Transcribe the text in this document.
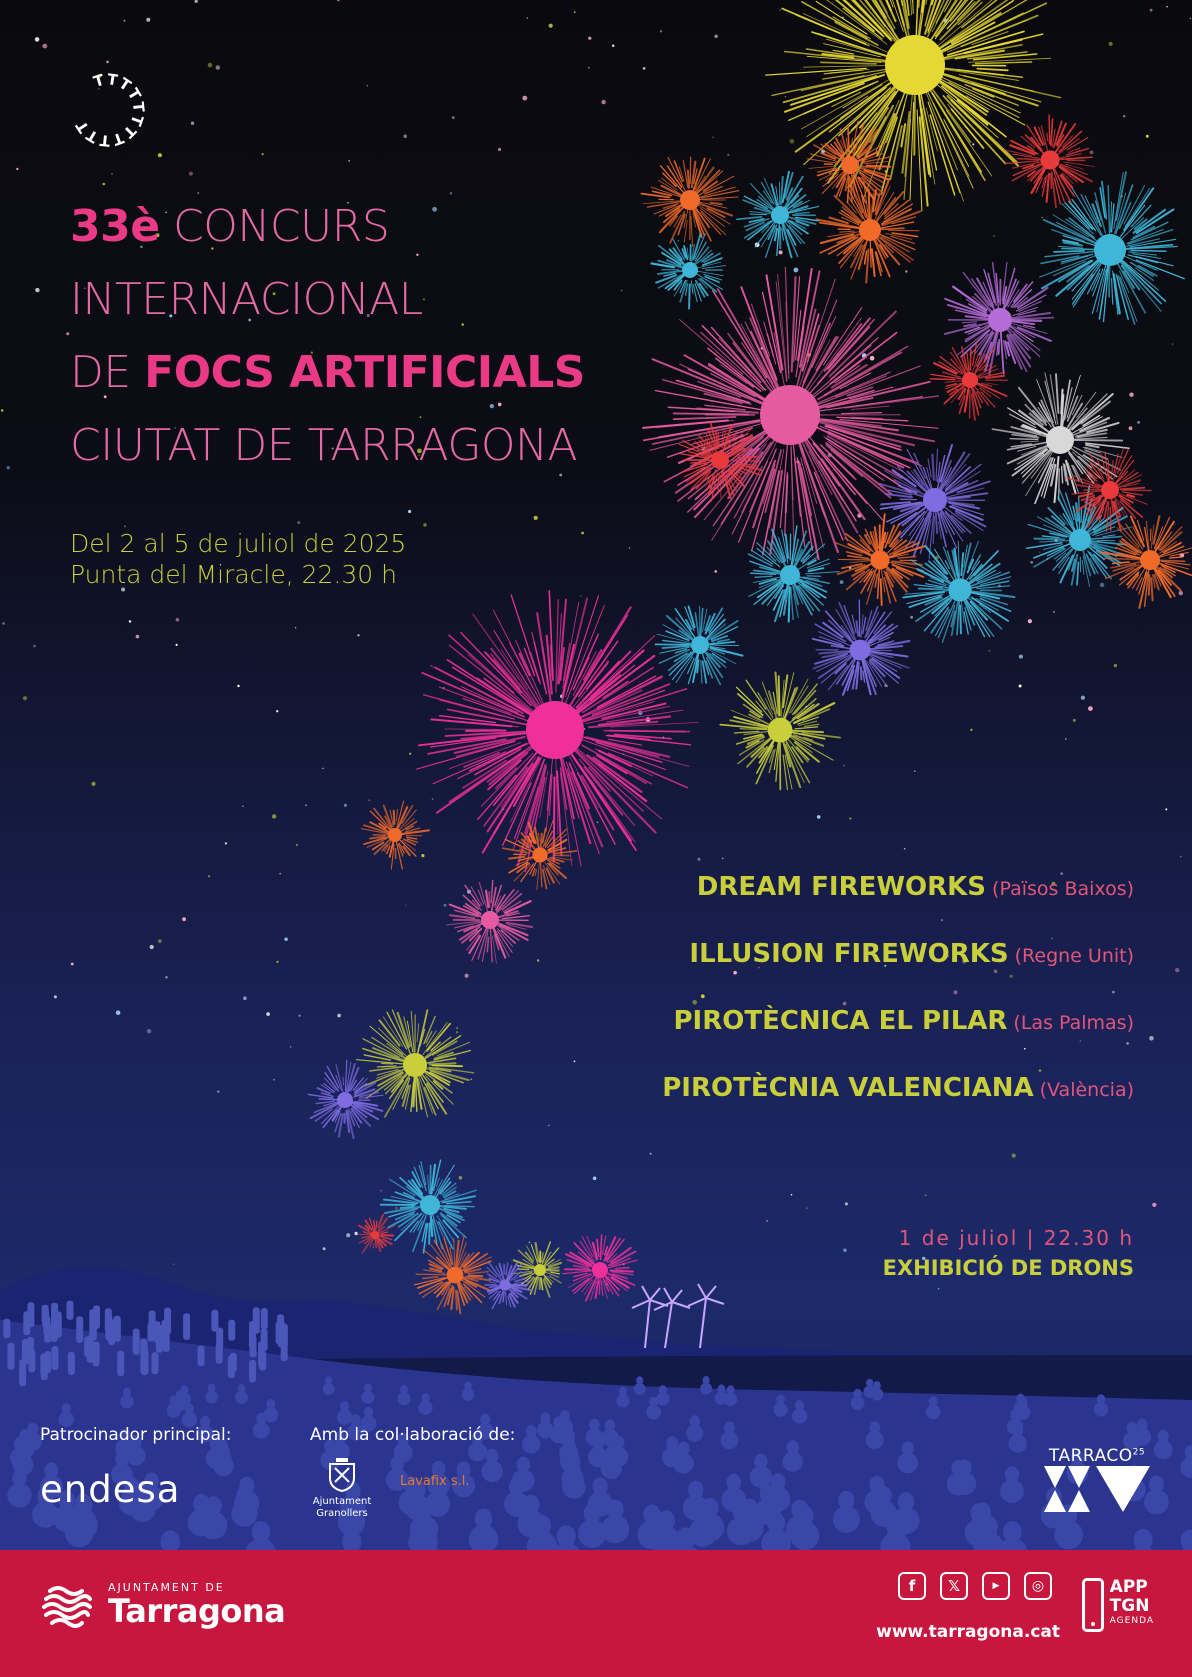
T T
T
T
T
T
T
T
T
T
T
33è CONCURS
INTERNACIONAL
DE FOCS ARTIFICIALS
CIUTAT DE TARRAGONA
Del 2 al 5 de juliol de 2025
Punta del Miracle, 22.30 h
DREAM FIREWORKS (Països Baixos)
ILLUSION FIREWORKS (Regne Unit)
PIROTÈCNICA EL PILAR (Las Palmas)
PIROTÈCNIA VALENCIANA (València)
1 de juliol | 22.30 h
EXHIBICIÓ DE DRONS
Patrocinador principal:
endesa
Amb la col·laboració de:
Ajuntament Granollers
Lavafix s.l.
TARRACO$^{25}$
AJUNTAMENT DE
Tarragona
f	𝕏	▶	◎
www.tarragona.cat
APP
TGN
AGENDA
